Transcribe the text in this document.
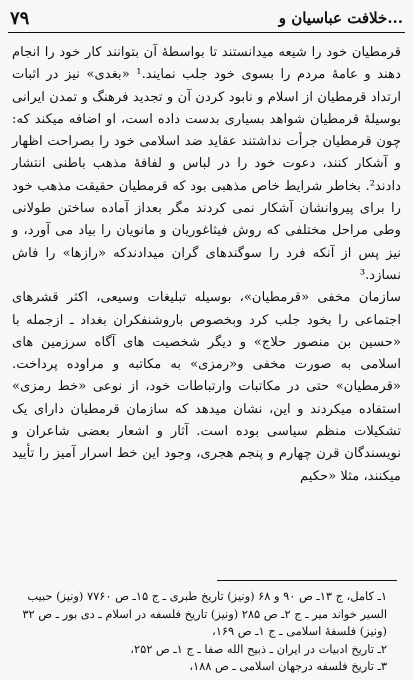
۷۹	خلافت عباسیان و...

قرمطیان خود را شیعه میدانستند تا بواسطهٔ آن بتوانند کار خود را انجام دهند و عامهٔ مردم را بسوی خود جلب نمایند.¹ «بغدی» نیز در اثبات ارتداد قرمطیان از اسلام و نابود کردن آن و تجدید فرهنگ و تمدن ایرانی بوسیلهٔ قرمطیان شواهد بسیاری بدست داده است، او اضافه میکند که: چون قرمطیان جرأت نداشتند عقاید ضد اسلامی خود را بصراحت اظهار و آشکار کنند، دعوت خود را در لباس و لفافهٔ مذهب باطنی انتشار دادند². بخاطر شرایط خاص مذهبی بود که قرمطیان حقیقت مذهب خود را برای پیروانشان آشکار نمی کردند مگر بعداز آماده ساختن طولانی وطی مراحل مختلفی که روش فیثاغوریان و مانویان را بیاد می آورد، و نیز پس از آنکه فرد را سوگندهای گران میدادندکه «رازها» را فاش نسازد.³

سازمان مخفی «قرمطیان»، بوسیله تبلیغات وسیعی، اکثر قشرهای اجتماعی را بخود جلب کرد وبخصوص باروشنفکران بغداد ـ ازجمله با «حسین بن منصور حلاج» و دیگر شخصیت های آگاه سرزمین های اسلامی به صورت مخفی و«رمزی» به مکاتبه و مراوده پرداخت. «قرمطیان» حتی در مکاتبات وارتباطات خود، از نوعی «خط رمزی» استفاده میکردند و این، نشان میدهد که سازمان قرمطیان دارای یک تشکیلات منظم سیاسی بوده است. آثار و اشعار بعضی شاعران و نویسندگان قرن چهارم و پنجم هجری، وجود این خط اسرار آمیز را تأیید میکنند، مثلا «حکیم

۱ـ کامل، ج ۱۳ـ ص ۹۰ و ۶۸ (ونیز) تاریخ طبری ـ ج ۱۵ـ ص ۷۷۶۰ (ونیز) حبیب السیر خواند میر ـ ج ۲ـ ص ۲۸۵ (ونیز) تاریخ فلسفه در اسلام ـ دی بور ـ ص ۳۲ (ونیز) فلسفهٔ اسلامی ـ ج ۱ـ ص ۱۶۹،

۲ـ تاریخ ادبیات در ایران ـ ذبیح الله صفا ـ ج ۱ـ ص ۲۵۲،

۳ـ تاریخ فلسفه درجهان اسلامی ـ ص ۱۸۸،
